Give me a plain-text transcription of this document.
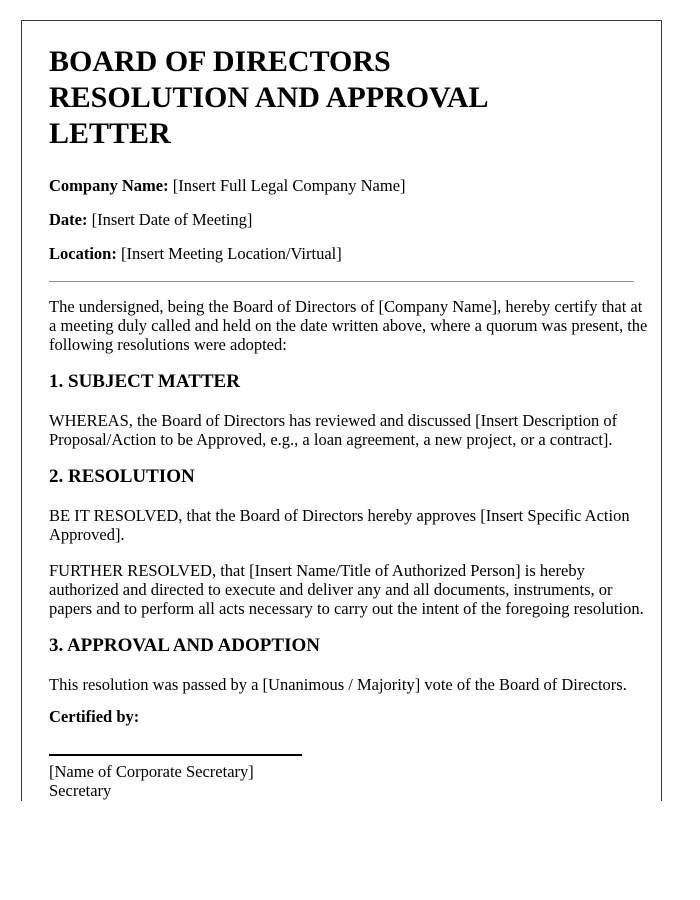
BOARD OF DIRECTORS RESOLUTION AND APPROVAL LETTER

Company Name: [Insert Full Legal Company Name]

Date: [Insert Date of Meeting]

Location: [Insert Meeting Location/Virtual]

The undersigned, being the Board of Directors of [Company Name], hereby certify that at
a meeting duly called and held on the date written above, where a quorum was present, the
following resolutions were adopted:
1. SUBJECT MATTER
WHEREAS, the Board of Directors has reviewed and discussed [Insert Description of
Proposal/Action to be Approved, e.g., a loan agreement, a new project, or a contract].
2. RESOLUTION
BE IT RESOLVED, that the Board of Directors hereby approves [Insert Specific Action
Approved].
FURTHER RESOLVED, that [Insert Name/Title of Authorized Person] is hereby
authorized and directed to execute and deliver any and all documents, instruments, or
papers and to perform all acts necessary to carry out the intent of the foregoing resolution.
3. APPROVAL AND ADOPTION
This resolution was passed by a [Unanimous / Majority] vote of the Board of Directors.

Certified by:

[Name of Corporate Secretary]
Secretary
